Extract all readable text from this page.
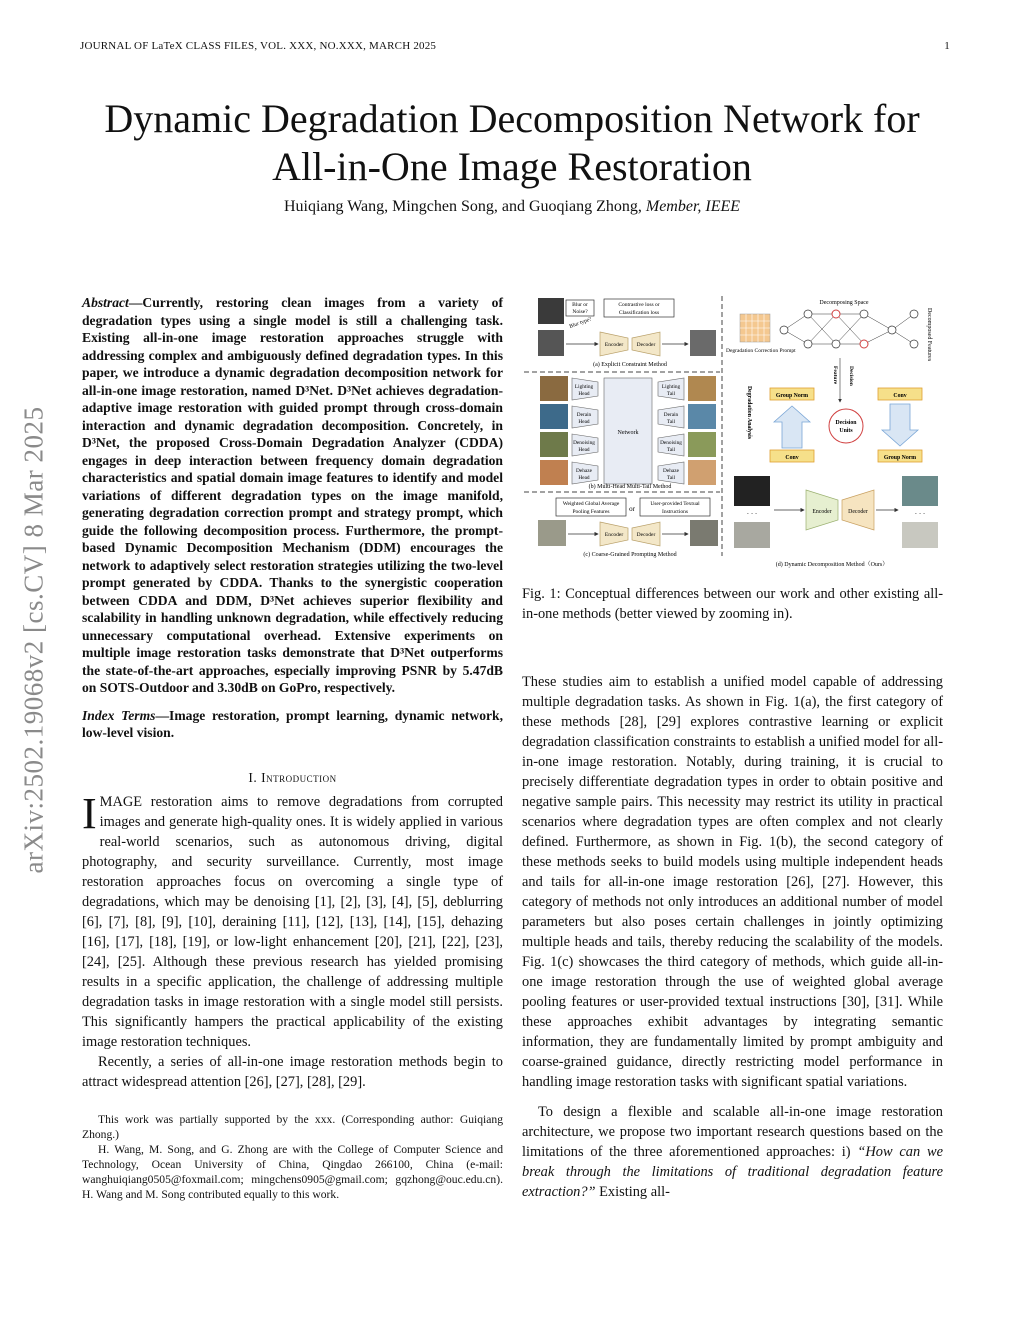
JOURNAL OF LaTeX CLASS FILES, VOL. XXX, NO.XXX, MARCH 2025	1
Dynamic Degradation Decomposition Network for
All-in-One Image Restoration
Huiqiang Wang, Mingchen Song, and Guoqiang Zhong, Member, IEEE
arXiv:2502.19068v2 [cs.CV] 8 Mar 2025

Abstract—Currently, restoring clean images from a variety of degradation types using a single model is still a challenging task. Existing all-in-one image restoration approaches struggle with addressing complex and ambiguously defined degradation types. In this paper, we introduce a dynamic degradation decomposition network for all-in-one image restoration, named D³Net. D³Net achieves degradation-adaptive image restoration with guided prompt through cross-domain interaction and dynamic degradation decomposition. Concretely, in D³Net, the proposed Cross-Domain Degradation Analyzer (CDDA) engages in deep interaction between frequency domain degradation characteristics and spatial domain image features to identify and model variations of different degradation types on the image manifold, generating degradation correction prompt and strategy prompt, which guide the following decomposition process. Furthermore, the prompt-based Dynamic Decomposition Mechanism (DDM) encourages the network to adaptively select restoration strategies utilizing the two-level prompt generated by CDDA. Thanks to the synergistic cooperation between CDDA and DDM, D³Net achieves superior flexibility and scalability in handling unknown degradation, while effectively reducing unnecessary computational overhead. Extensive experiments on multiple image restoration tasks demonstrate that D³Net outperforms the state-of-the-art approaches, especially improving PSNR by 5.47dB on SOTS-Outdoor and 3.30dB on GoPro, respectively.

Index Terms—Image restoration, prompt learning, dynamic network, low-level vision.

I. Introduction

IMAGE restoration aims to remove degradations from corrupted images and generate high-quality ones. It is widely applied in various real-world scenarios, such as autonomous driving, digital photography, and security surveillance. Currently, most image restoration approaches focus on overcoming a single type of degradations, which may be denoising [1], [2], [3], [4], [5], deblurring [6], [7], [8], [9], [10], deraining [11], [12], [13], [14], [15], dehazing [16], [17], [18], [19], or low-light enhancement [20], [21], [22], [23], [24], [25]. Although these previous research has yielded promising results in a specific application, the challenge of addressing multiple degradation tasks in image restoration with a single model still persists. This significantly hampers the practical applicability of the existing image restoration techniques.

Recently, a series of all-in-one image restoration methods begin to attract widespread attention [26], [27], [28], [29].

This work was partially supported by the xxx. (Corresponding author: Guiqiang Zhong.)

H. Wang, M. Song, and G. Zhong are with the College of Computer Science and Technology, Ocean University of China, Qingdao 266100, China (e-mail: wanghuiqiang0505@foxmail.com; mingchens0905@gmail.com; gqzhong@ouc.edu.cn). H. Wang and M. Song contributed equally to this work.

Blur or
Noise?
Blur type?
Contrastive loss or
Classification loss
Encoder Decoder
(a) Explicit Constraint Method
Lighting
Head
Derain
Head
Denoising
Head
Dehaze
Head
Network
Lighting
Tail
Derain
Tail
Denoising
Tail
Dehaze
Tail
(b) Multi-Head Multi-Tail Method
Weighted Global Average
Pooling Features	or
User-provided Textual
Instructions
Encoder Decoder
(c) Coarse-Grained Prompting Method
Decomposing Space
Decomposed Features
Degradation Correction Prompt
Degradation Analysis
Feature Decision
Group Norm	Conv
Decision
Units
Conv	Group Norm
· · ·	Encoder	Decoder	· · ·
(d) Dynamic Decomposition Method（Ours）

Fig. 1: Conceptual differences between our work and other existing all-in-one methods (better viewed by zooming in).

These studies aim to establish a unified model capable of addressing multiple degradation tasks. As shown in Fig. 1(a), the first category of these methods [28], [29] explores contrastive learning or explicit degradation classification constraints to establish a unified model for all-in-one image restoration. Notably, during training, it is crucial to precisely differentiate degradation types in order to obtain positive and negative sample pairs. This necessity may restrict its utility in practical scenarios where degradation types are often complex and not clearly defined. Furthermore, as shown in Fig. 1(b), the second category of these methods seeks to build models using multiple independent heads and tails for all-in-one image restoration [26], [27]. However, this category of methods not only introduces an additional number of model parameters but also poses certain challenges in jointly optimizing multiple heads and tails, thereby reducing the scalability of the models. Fig. 1(c) showcases the third category of methods, which guide all-in-one image restoration through the use of weighted global average pooling features or user-provided textual instructions [30], [31]. While these approaches exhibit advantages by integrating semantic information, they are fundamentally limited by prompt ambiguity and coarse-grained guidance, directly restricting model performance in handling image restoration tasks with significant spatial variations.

To design a flexible and scalable all-in-one image restoration architecture, we propose two important research questions based on the limitations of the three aforementioned approaches: i) “How can we break through the limitations of traditional degradation feature extraction?” Existing all-
